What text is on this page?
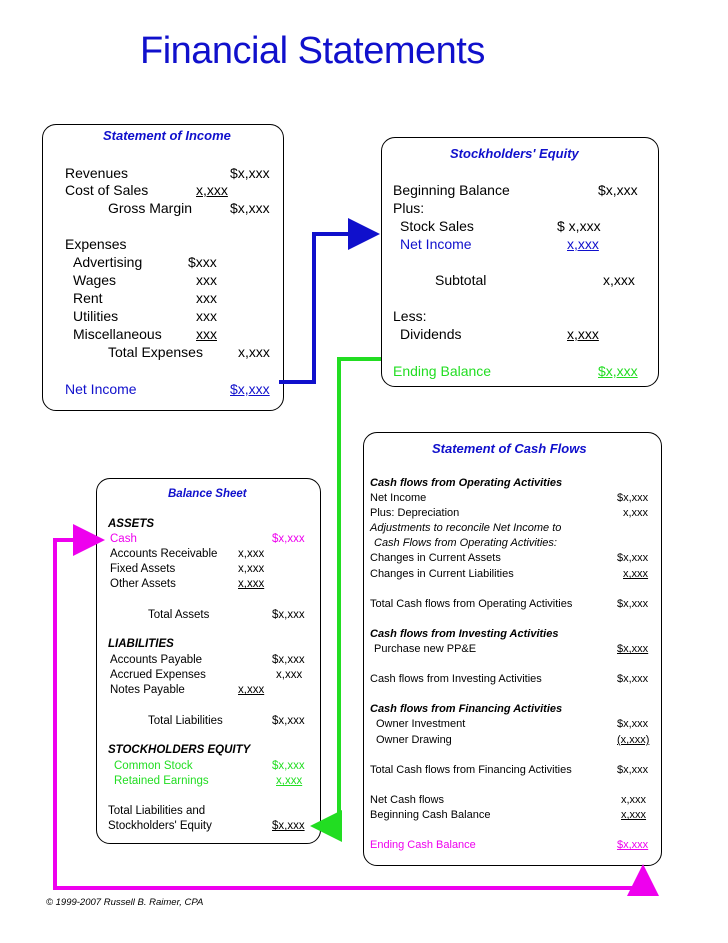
Financial Statements
Statement of Income
Revenues	$x,xxx
Cost of Sales	x,xxx
Gross Margin	$x,xxx
Expenses
Advertising	$xxx
Wages	xxx
Rent	xxx
Utilities	xxx
Miscellaneous xxx
Total Expenses	x,xxx
Net Income	$x,xxx
Stockholders' Equity
Beginning Balance	$x,xxx
Plus:
Stock Sales	$ x,xxx
Net Income	x,xxx
Subtotal	x,xxx
Less:
Dividends	x,xxx
Ending Balance	$x,xxx
Balance Sheet
ASSETS
Cash	$x,xxx
Accounts Receivable x,xxx
Fixed Assets	x,xxx
Other Assets	x,xxx
Total Assets	$x,xxx
LIABILITIES
Accounts Payable	$x,xxx
Accrued Expenses	x,xxx
Notes Payable	x,xxx
Total Liabilities	$x,xxx
STOCKHOLDERS EQUITY
Common Stock	$x,xxx
Retained Earnings	x,xxx
Total Liabilities and
Stockholders' Equity	$x,xxx
Statement of Cash Flows
Cash flows from Operating Activities
Net Income	$x,xxx
Plus: Depreciation	x,xxx
Adjustments to reconcile Net Income to
Cash Flows from Operating Activities:
Changes in Current Assets	$x,xxx
Changes in Current Liabilities	x,xxx
Total Cash flows from Operating Activities	$x,xxx
Cash flows from Investing Activities
Purchase new PP&E	$x,xxx
Cash flows from Investing Activities	$x,xxx
Cash flows from Financing Activities
Owner Investment	$x,xxx
Owner Drawing	(x,xxx)
Total Cash flows from Financing Activities	$x,xxx
Net Cash flows	x,xxx
Beginning Cash Balance	x,xxx
Ending Cash Balance	$x,xxx
© 1999-2007 Russell B. Raimer, CPA
